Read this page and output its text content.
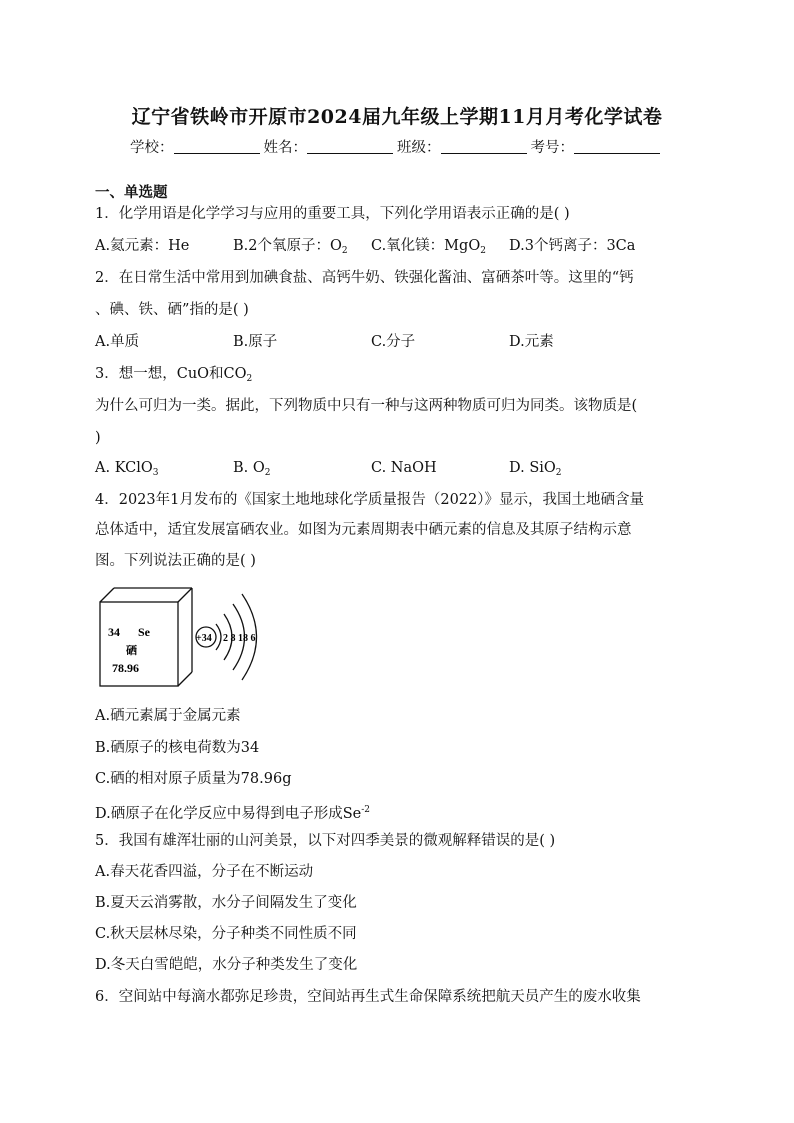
辽宁省铁岭市开原市2024届九年级上学期11月月考化学试卷
学校：	姓名：	班级：	考号：
一、单选题
1．化学用语是化学学习与应用的重要工具，下列化学用语表示正确的是( )
A.氦元素：He	B.2个氧原子：$O_2$ C.氧化镁：MgO$_2$ D.3个钙离子：3Ca
2．在日常生活中常用到加碘食盐、高钙牛奶、铁强化酱油、富硒茶叶等。这里的“钙
、碘、铁、硒”指的是( )
A.单质	B.原子	C.分子	D.元素
3．想一想，CuO和$CO_2$
为什么可归为一类。据此，下列物质中只有一种与这两种物质可归为同类。该物质是(
)
A. KClO$_3$	B. $O_2$	C. NaOH	D. SiO$_2$
4．2023年1月发布的《国家土地地球化学质量报告（2022）》显示，我国土地硒含量
总体适中，适宜发展富硒农业。如图为元素周期表中硒元素的信息及其原子结构示意
图。下列说法正确的是( )
34 Se
硒
78.96
+34 2 8 18 6
A.硒元素属于金属元素
B.硒原子的核电荷数为34
C.硒的相对原子质量为78.96g
D.硒原子在化学反应中易得到电子形成$Se^{-2}$
5．我国有雄浑壮丽的山河美景，以下对四季美景的微观解释错误的是( )
A.春天花香四溢，分子在不断运动
B.夏天云消雾散，水分子间隔发生了变化
C.秋天层林尽染，分子种类不同性质不同
D.冬天白雪皑皑，水分子种类发生了变化
6．空间站中每滴水都弥足珍贵，空间站再生式生命保障系统把航天员产生的废水收集
